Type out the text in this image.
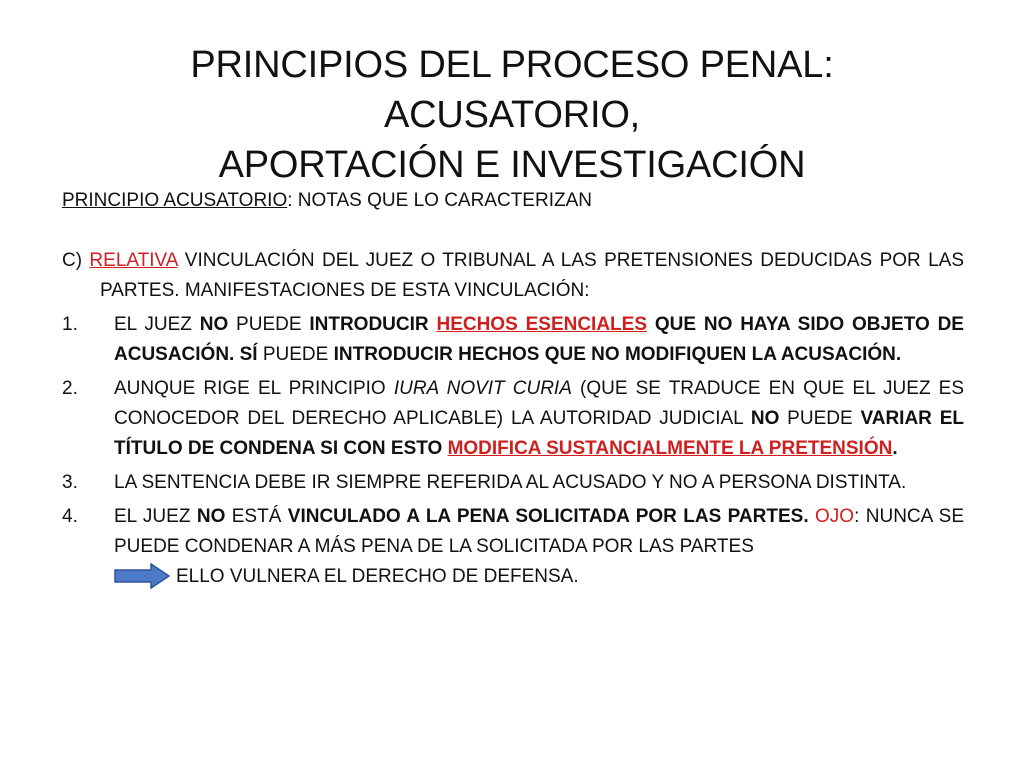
PRINCIPIOS DEL PROCESO PENAL: ACUSATORIO,
APORTACIÓN E INVESTIGACIÓN

PRINCIPIO ACUSATORIO: NOTAS QUE LO CARACTERIZAN

C) RELATIVA VINCULACIÓN DEL JUEZ O TRIBUNAL A LAS PRETENSIONES DEDUCIDAS POR LAS PARTES. MANIFESTACIONES DE ESTA VINCULACIÓN:

1.	EL JUEZ NO PUEDE INTRODUCIR HECHOS ESENCIALES QUE NO HAYA SIDO OBJETO DE ACUSACIÓN. SÍ PUEDE INTRODUCIR HECHOS QUE NO MODIFIQUEN LA ACUSACIÓN.
2.	AUNQUE RIGE EL PRINCIPIO IURA NOVIT CURIA (QUE SE TRADUCE EN QUE EL JUEZ ES CONOCEDOR DEL DERECHO APLICABLE) LA AUTORIDAD JUDICIAL NO PUEDE VARIAR EL TÍTULO DE CONDENA SI CON ESTO MODIFICA SUSTANCIALMENTE LA PRETENSIÓN.
3.	LA SENTENCIA DEBE IR SIEMPRE REFERIDA AL ACUSADO Y NO A PERSONA DISTINTA.
4.	EL JUEZ NO ESTÁ VINCULADO A LA PENA SOLICITADA POR LAS PARTES. OJO: NUNCA SE PUEDE CONDENAR A MÁS PENA DE LA SOLICITADA POR LAS PARTES
ELLO VULNERA EL DERECHO DE DEFENSA.
